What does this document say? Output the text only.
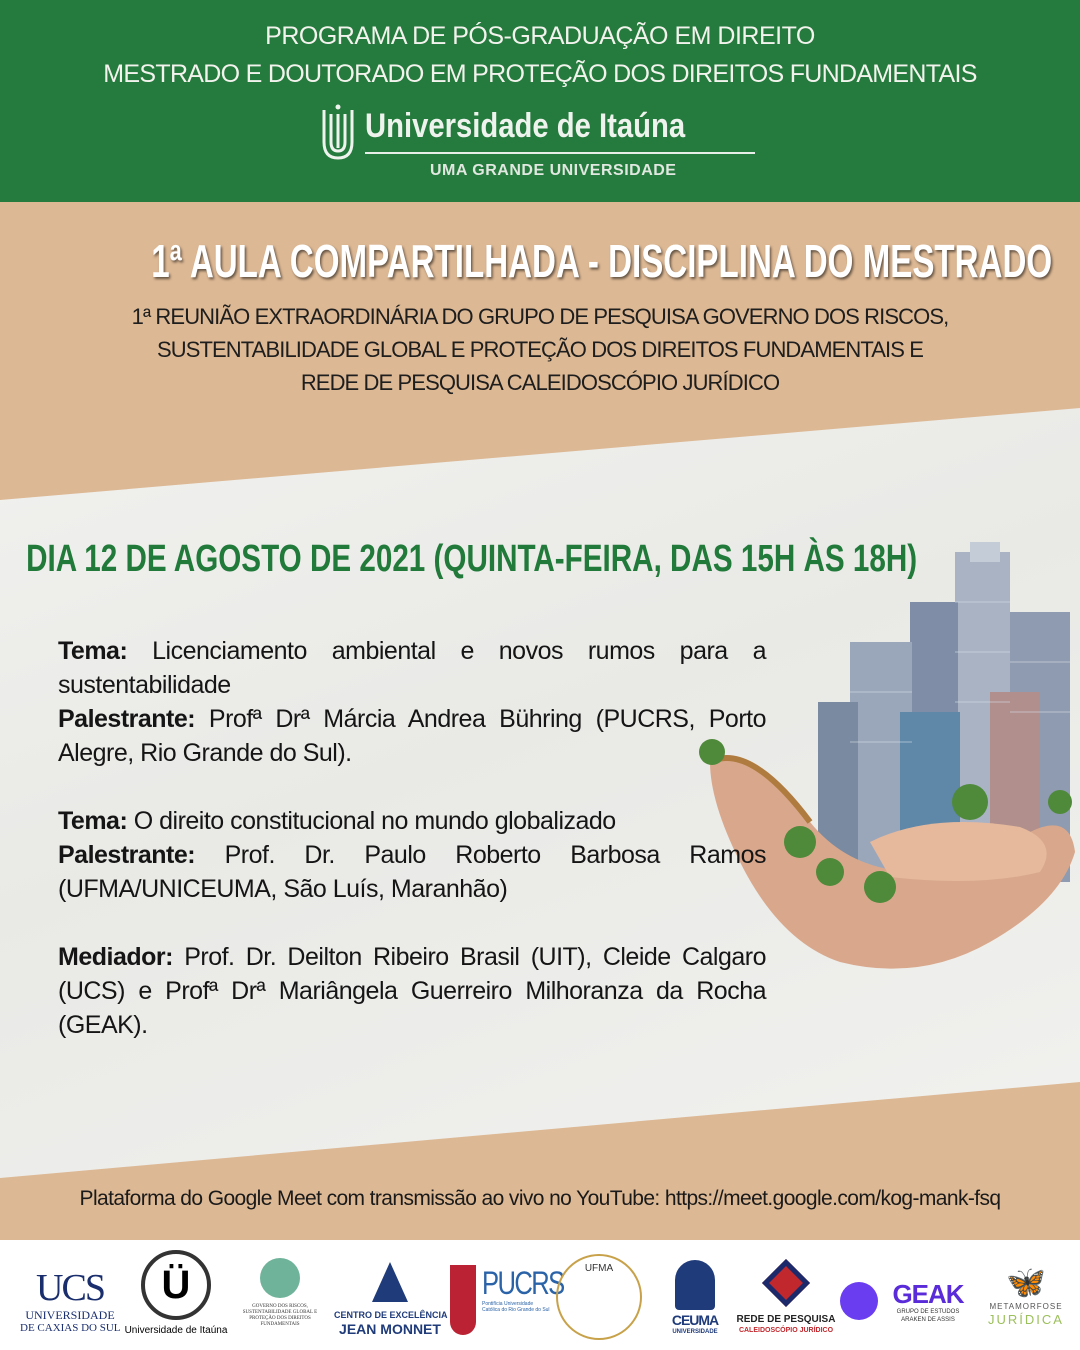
PROGRAMA DE PÓS-GRADUAÇÃO EM DIREITO
MESTRADO E DOUTORADO EM PROTEÇÃO DOS DIREITOS FUNDAMENTAIS
Universidade de Itaúna
UMA GRANDE UNIVERSIDADE
1ª AULA COMPARTILHADA - DISCIPLINA DO MESTRADO
1ª REUNIÃO EXTRAORDINÁRIA DO GRUPO DE PESQUISA GOVERNO DOS RISCOS,
SUSTENTABILIDADE GLOBAL E PROTEÇÃO DOS DIREITOS FUNDAMENTAIS E
REDE DE PESQUISA CALEIDOSCÓPIO JURÍDICO
DIA 12 DE AGOSTO DE 2021 (QUINTA-FEIRA, DAS 15H ÀS 18H)

Tema: Licenciamento ambiental e novos rumos para a sustentabilidade
Palestrante: Profª Drª Márcia Andrea Bühring (PUCRS, Porto Alegre, Rio Grande do Sul).

Tema: O direito constitucional no mundo globalizado
Palestrante: Prof. Dr. Paulo Roberto Barbosa Ramos (UFMA/UNICEUMA, São Luís, Maranhão)

Mediador: Prof. Dr. Deilton Ribeiro Brasil (UIT), Cleide Calgaro (UCS) e Profª Drª Mariângela Guerreiro Milhoranza da Rocha (GEAK).

Plataforma do Google Meet com transmissão ao vivo no YouTube: https://meet.google.com/kog-mank-fsq
UCS
UNIVERSIDADE
DE CAXIAS DO SUL
Ü
Universidade de Itaúna
GOVERNO DOS RISCOS, SUSTENTABILIDADE GLOBAL E PROTEÇÃO DOS DIREITOS FUNDAMENTAIS
CENTRO DE EXCELÊNCIA
JEAN MONNET
PUCRS
Pontifícia Universidade Católica do Rio Grande do Sul
UFMA
CEUMA
UNIVERSIDADE
REDE DE PESQUISA
CALEIDOSCÓPIO JURÍDICO
GEAK
GRUPO DE ESTUDOS
ARAKEN DE ASSIS
🦋
METAMORFOSE
JURÍDICA
